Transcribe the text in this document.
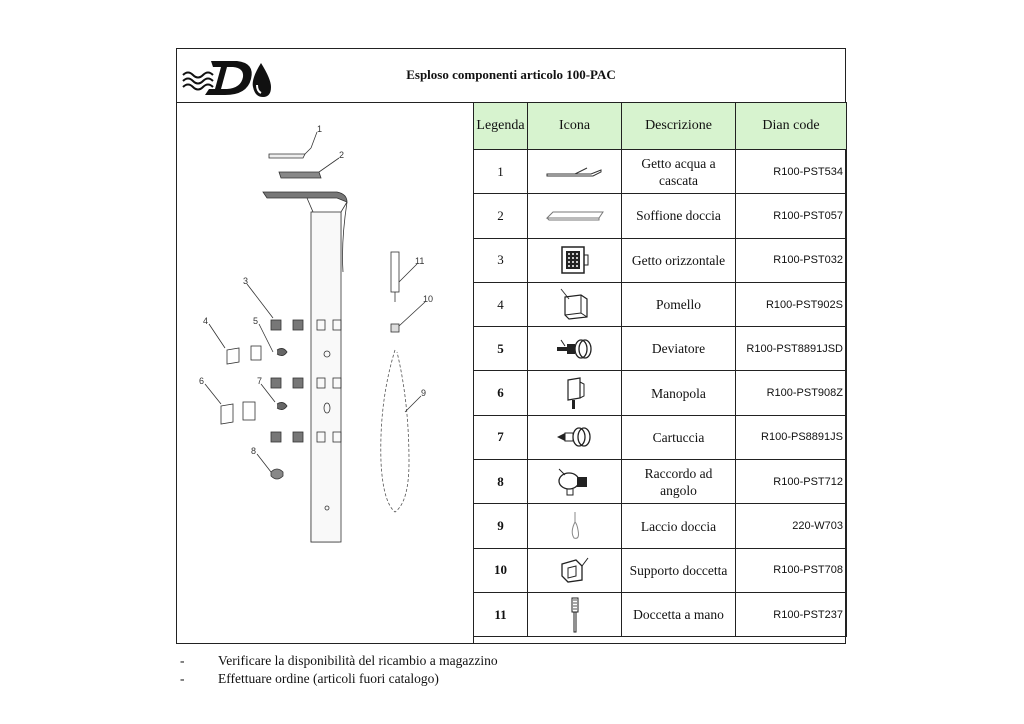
Esploso componenti articolo 100-PAC
1
2
3
4	5
6	7
8
9
10
11
Legenda	Icona	Descrizione	Dian code
1		Getto acqua a cascata	R100-PST534
2		Soffione doccia	R100-PST057
3		Getto orizzontale	R100-PST032
4		Pomello	R100-PST902S
5		Deviatore	R100-PST8891JSD
6		Manopola	R100-PST908Z
7		Cartuccia	R100-PS8891JS
8		Raccordo ad angolo	R100-PST712
9		Laccio doccia	220-W703
10		Supporto doccetta	R100-PST708
11		Doccetta a mano	R100-PST237
-	Verificare la disponibilità del ricambio a magazzino
-	Effettuare ordine (articoli fuori catalogo)
